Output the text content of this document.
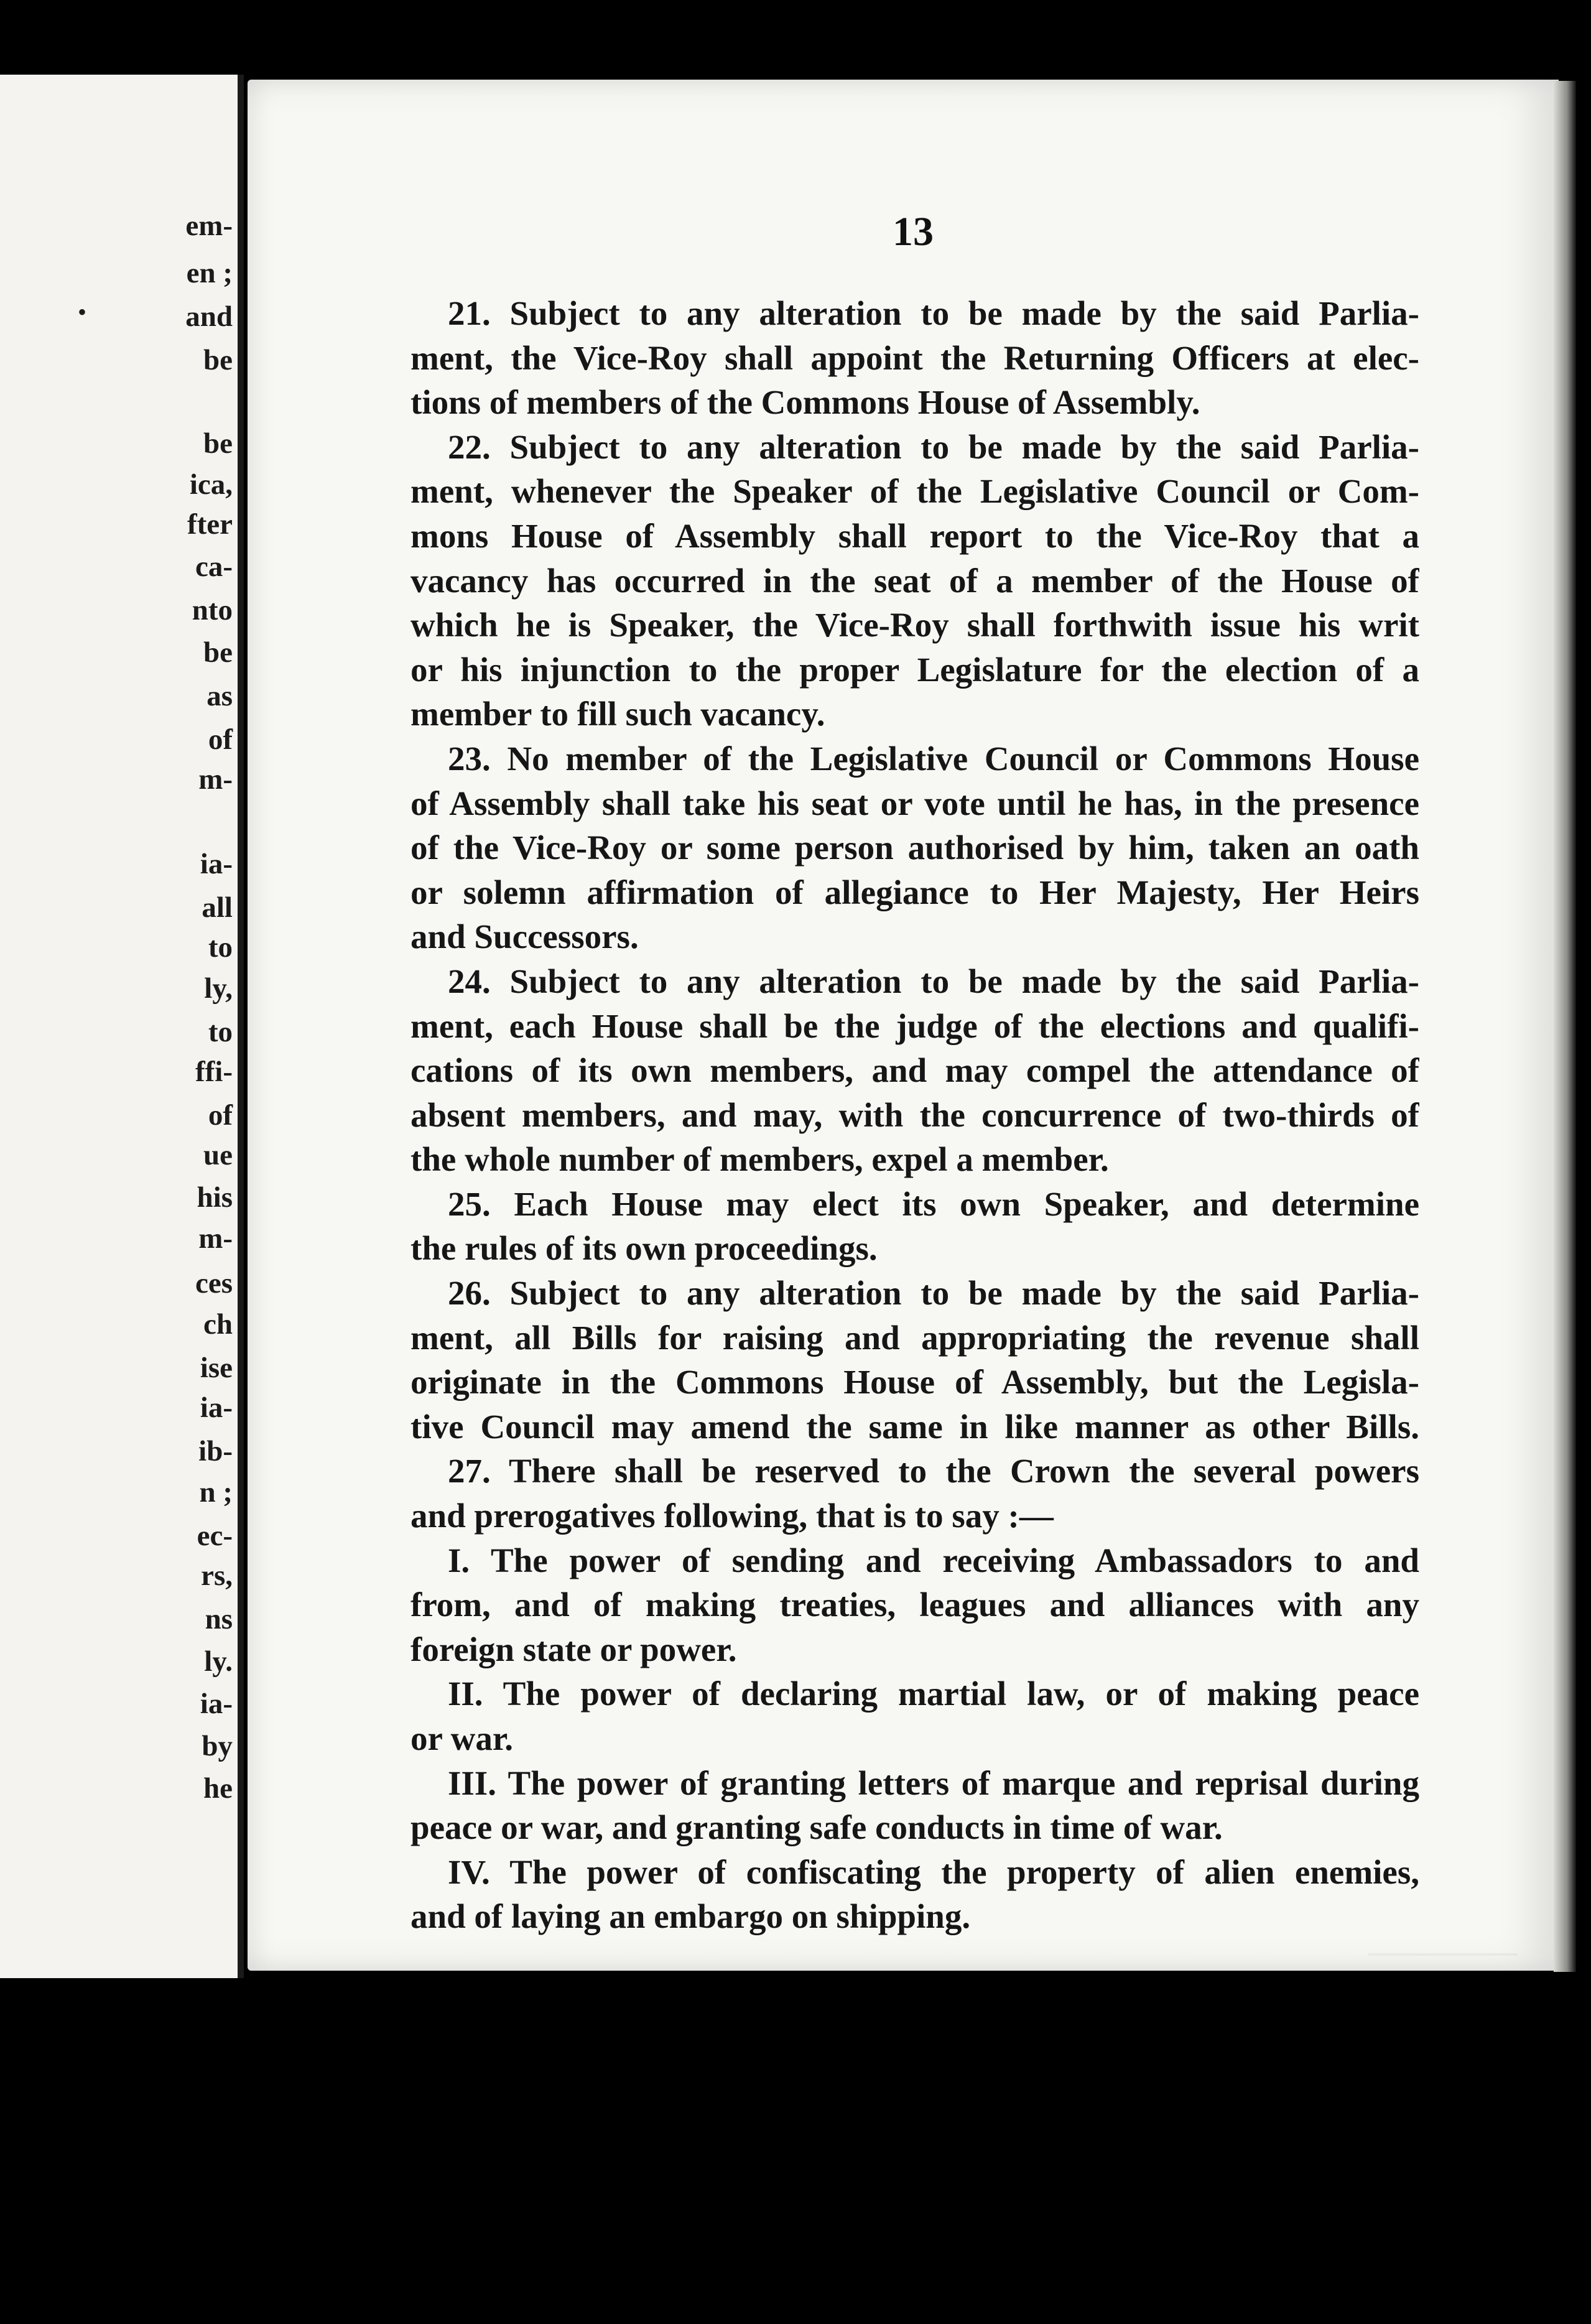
•

em-

en ;

and

be

be

ica,

fter

ca-

nto

be

as

of

m-

ia-

all

to

ly,

to

ffi-

of

ue

his

m-

ces

ch

ise

ia-

ib-

n ;

ec-

rs,

ns

ly.

ia-

by

he

13

21. Subject to any alteration to be made by the said Parlia-
ment, the Vice-Roy shall appoint the Returning Officers at elec-
tions of members of the Commons House of Assembly.
22. Subject to any alteration to be made by the said Parlia-
ment, whenever the Speaker of the Legislative Council or Com-
mons House of Assembly shall report to the Vice-Roy that a
vacancy has occurred in the seat of a member of the House of
which he is Speaker, the Vice-Roy shall forthwith issue his writ
or his injunction to the proper Legislature for the election of a
member to fill such vacancy.
23. No member of the Legislative Council or Commons House
of Assembly shall take his seat or vote until he has, in the presence
of the Vice-Roy or some person authorised by him, taken an oath
or solemn affirmation of allegiance to Her Majesty, Her Heirs
and Successors.
24. Subject to any alteration to be made by the said Parlia-
ment, each House shall be the judge of the elections and qualifi-
cations of its own members, and may compel the attendance of
absent members, and may, with the concurrence of two-thirds of
the whole number of members, expel a member.
25. Each House may elect its own Speaker, and determine
the rules of its own proceedings.
26. Subject to any alteration to be made by the said Parlia-
ment, all Bills for raising and appropriating the revenue shall
originate in the Commons House of Assembly, but the Legisla-
tive Council may amend the same in like manner as other Bills.
27. There shall be reserved to the Crown the several powers
and prerogatives following, that is to say :—
I. The power of sending and receiving Ambassadors to and
from, and of making treaties, leagues and alliances with any
foreign state or power.
II. The power of declaring martial law, or of making peace
or war.
III. The power of granting letters of marque and reprisal during
peace or war, and granting safe conducts in time of war.
IV. The power of confiscating the property of alien enemies,
and of laying an embargo on shipping.
